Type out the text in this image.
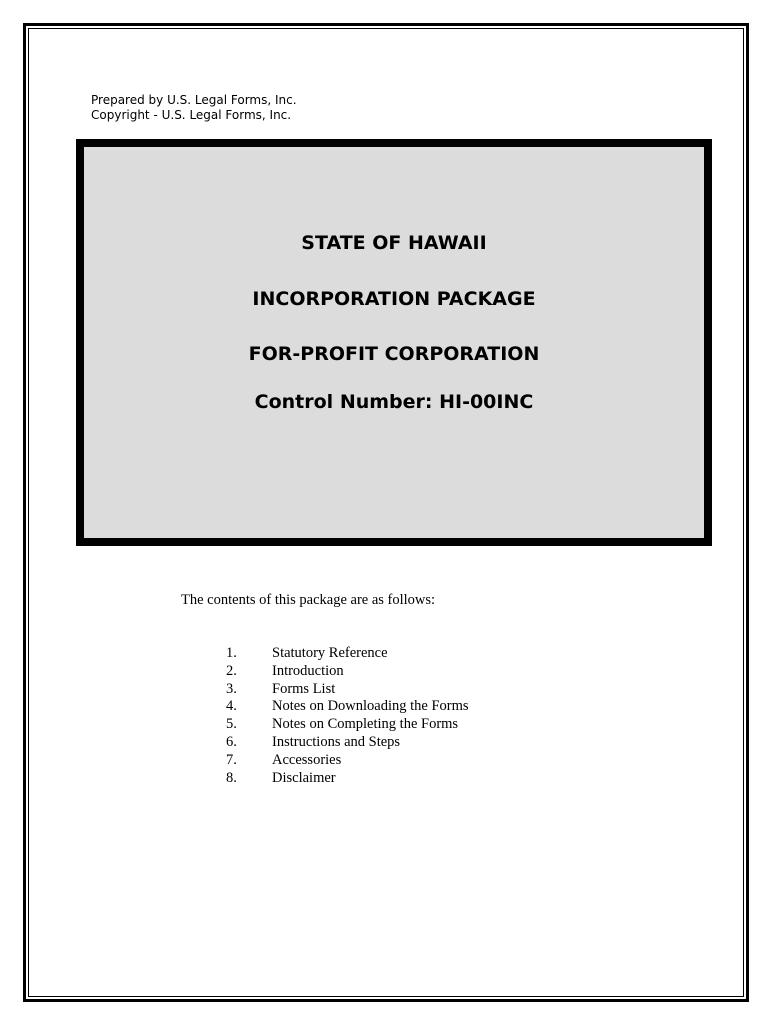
Prepared by U.S. Legal Forms, Inc.
Copyright - U.S. Legal Forms, Inc.
STATE OF HAWAII
INCORPORATION PACKAGE
FOR-PROFIT CORPORATION
Control Number: HI-00INC
The contents of this package are as follows:
1. Statutory Reference
2. Introduction
3. Forms List
4. Notes on Downloading the Forms
5. Notes on Completing the Forms
6. Instructions and Steps
7. Accessories
8. Disclaimer
